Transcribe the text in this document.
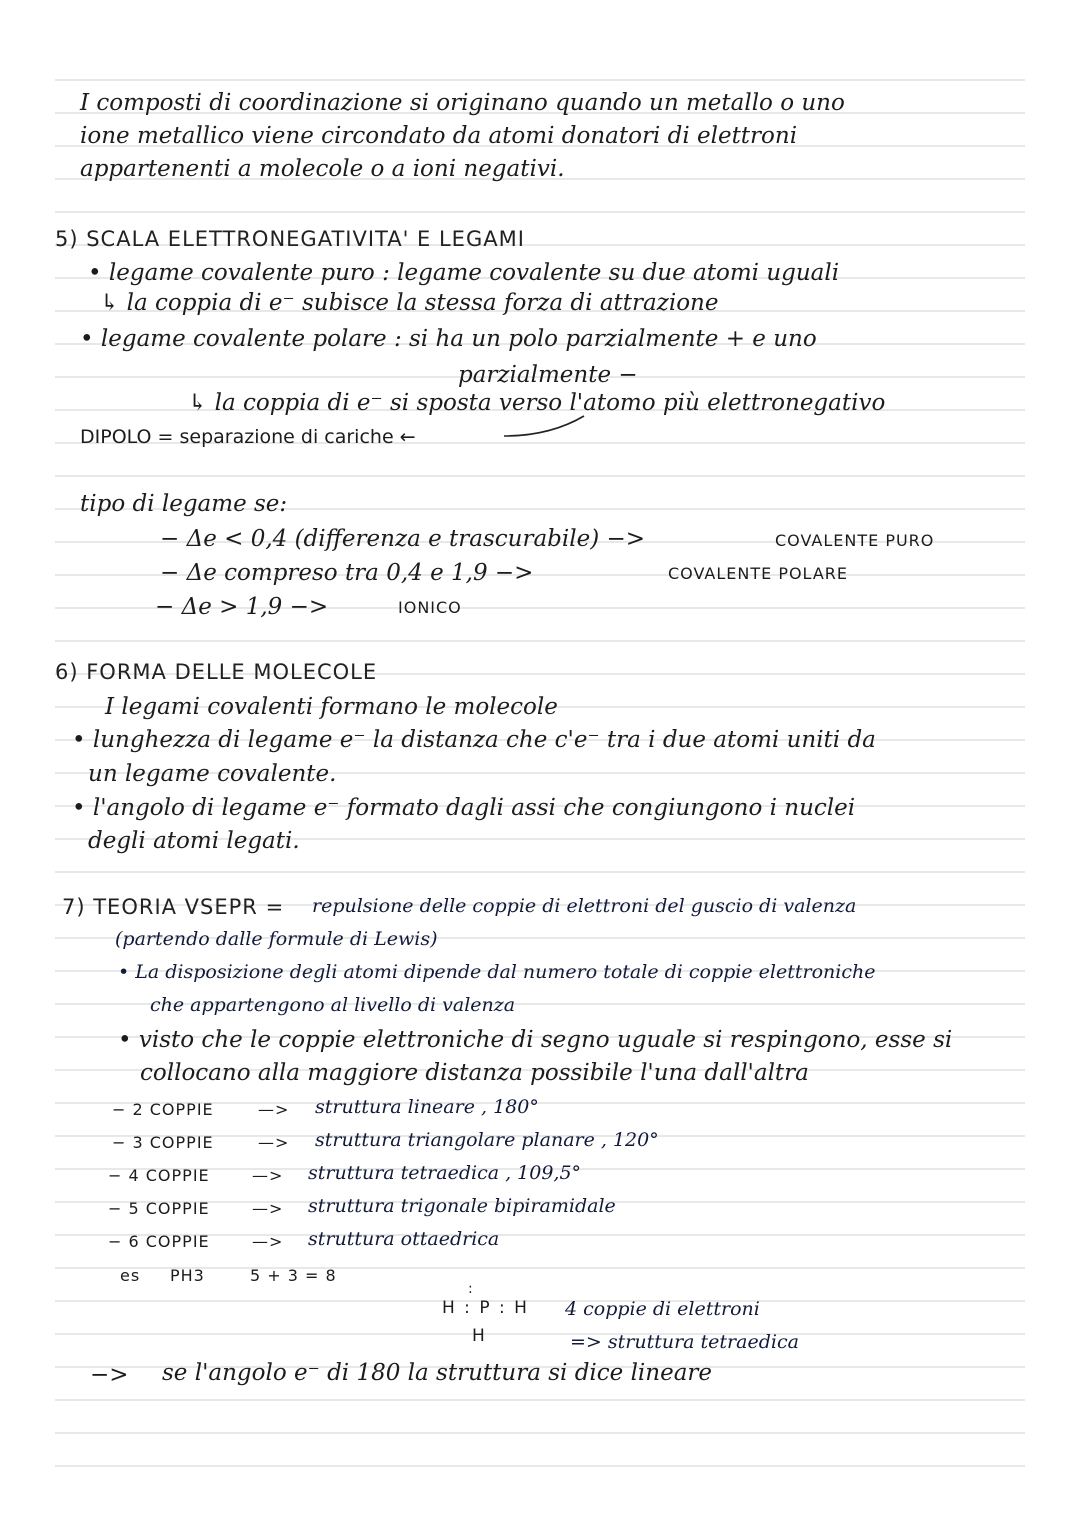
I composti di coordinazione si originano quando un metallo o uno
ione metallico viene circondato da atomi donatori di elettroni
appartenenti a molecole o a ioni negativi.
5) SCALA ELETTRONEGATIVITA' E LEGAMI
• legame covalente puro : legame covalente su due atomi uguali
↳ la coppia di e⁻ subisce la stessa forza di attrazione
• legame covalente polare : si ha un polo parzialmente + e uno
parzialmente −
↳ la coppia di e⁻ si sposta verso l'atomo più elettronegativo
DIPOLO = separazione di cariche ←
tipo di legame se:
− Δe < 0,4 (differenza e trascurabile) −>	COVALENTE PURO
− Δe compreso tra 0,4 e 1,9 −>	COVALENTE POLARE
− Δe > 1,9 −>	IONICO
6) FORMA DELLE MOLECOLE
I legami covalenti formano le molecole
• lunghezza di legame e⁻ la distanza che c'e⁻ tra i due atomi uniti da
un legame covalente.
• l'angolo di legame e⁻ formato dagli assi che congiungono i nuclei
degli atomi legati.
7) TEORIA VSEPR = repulsione delle coppie di elettroni del guscio di valenza
(partendo dalle formule di Lewis)
• La disposizione degli atomi dipende dal numero totale di coppie elettroniche
che appartengono al livello di valenza
• visto che le coppie elettroniche di segno uguale si respingono, esse si
collocano alla maggiore distanza possibile l'una dall'altra
− 2 COPPIE	—> struttura lineare , 180°
− 3 COPPIE	—> struttura triangolare planare , 120°
− 4 COPPIE	—> struttura tetraedica , 109,5°
− 5 COPPIE	—> struttura trigonale bipiramidale
− 6 COPPIE	—> struttura ottaedrica
es PH3	5 + 3 = 8
:
H : P : H
H
4 coppie di elettroni
=> struttura tetraedica
−> se l'angolo e⁻ di 180 la struttura si dice lineare
